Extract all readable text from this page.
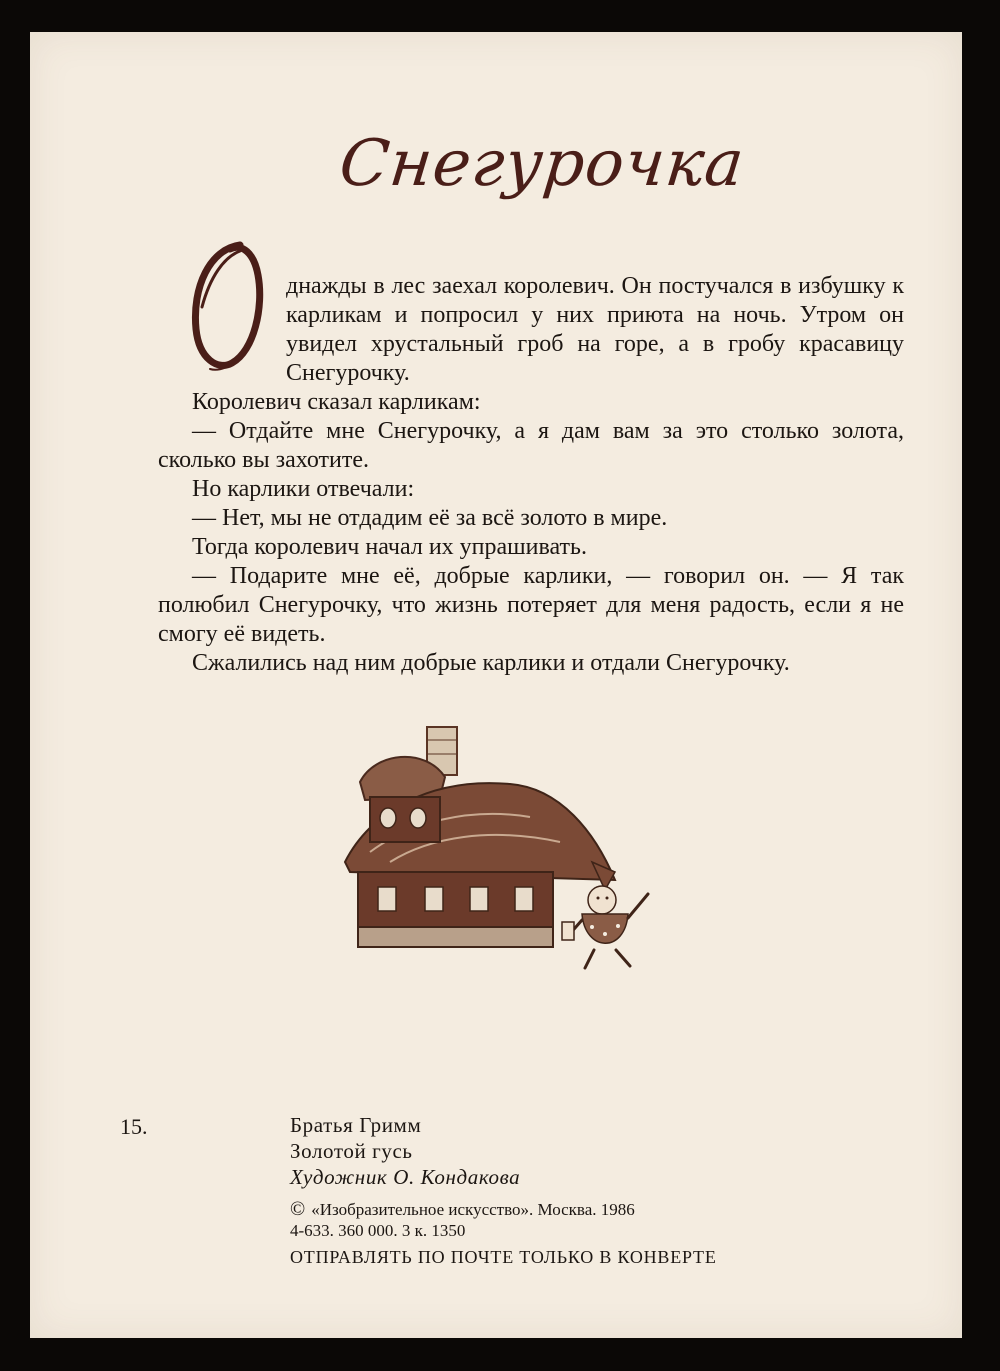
Снегурочка

днажды в лес заехал королевич. Он постучался в избушку к карликам и попросил у них приюта на ночь. Утром он увидел хрустальный гроб на горе, а в гробу красавицу Снегурочку.

Королевич сказал карликам:

— Отдайте мне Снегурочку, а я дам вам за это столько золота, сколько вы захотите.

Но карлики отвечали:

— Нет, мы не отдадим её за всё золото в мире.

Тогда королевич начал их упрашивать.

— Подарите мне её, добрые карлики, — говорил он. — Я так полюбил Снегурочку, что жизнь потеряет для меня радость, если я не смогу её видеть.

Сжалились над ним добрые карлики и отдали Снегурочку.

15.	Братья Гримм
Золотой гусь
Художник О. Кондакова
© «Изобразительное искусство». Москва. 1986
4-633. 360 000. 3 к. 1350
ОТПРАВЛЯТЬ ПО ПОЧТЕ ТОЛЬКО В КОНВЕРТЕ
